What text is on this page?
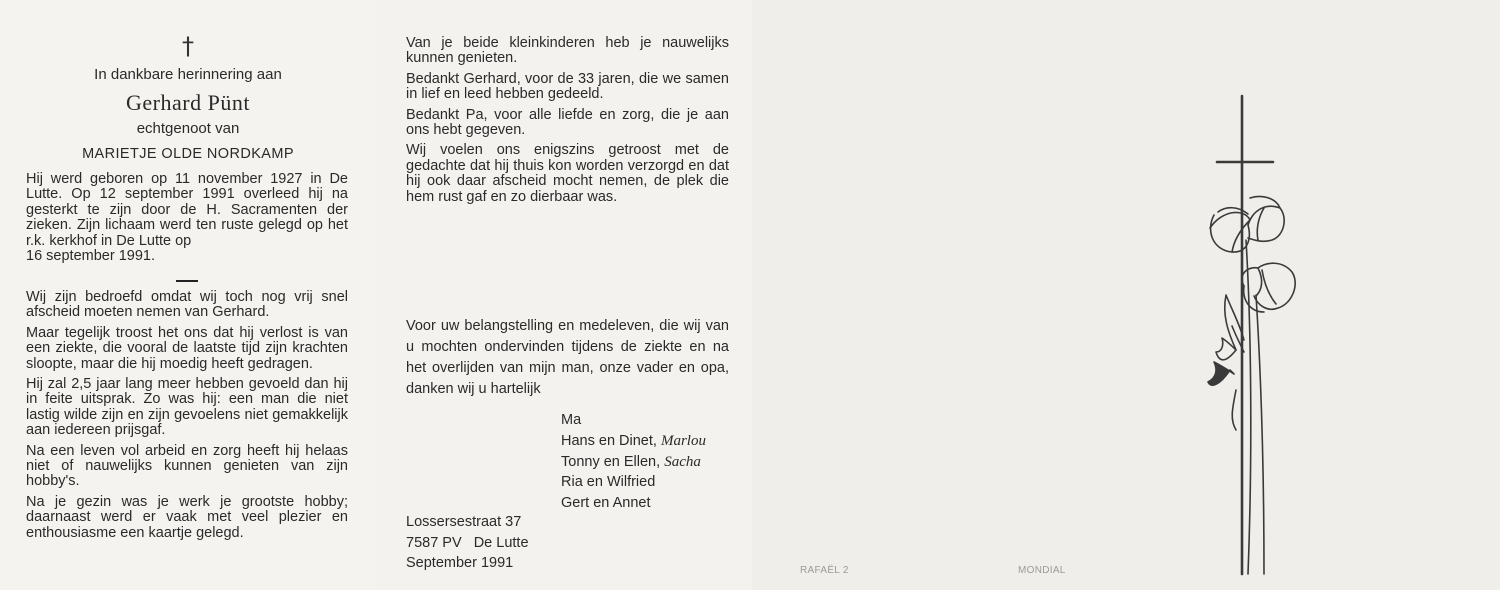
†
In dankbare herinnering aan
Gerhard Pünt
echtgenoot van
MARIETJE OLDE NORDKAMP

Hij werd geboren op 11 november 1927 in De Lutte. Op 12 september 1991 overleed hij na gesterkt te zijn door de H. Sacramenten der zieken. Zijn lichaam werd ten ruste gelegd op het r.k. kerkhof in De Lutte op
16 september 1991.

Wij zijn bedroefd omdat wij toch nog vrij snel afscheid moeten nemen van Gerhard.

Maar tegelijk troost het ons dat hij verlost is van een ziekte, die vooral de laatste tijd zijn krachten sloopte, maar die hij moedig heeft gedragen.

Hij zal 2,5 jaar lang meer hebben gevoeld dan hij in feite uitsprak. Zo was hij: een man die niet lastig wilde zijn en zijn gevoelens niet gemakkelijk aan iedereen prijsgaf.

Na een leven vol arbeid en zorg heeft hij helaas niet of nauwelijks kunnen genieten van zijn hobby's.

Na je gezin was je werk je grootste hobby; daarnaast werd er vaak met veel plezier en enthousiasme een kaartje gelegd.

Van je beide kleinkinderen heb je nauwelijks kunnen genieten.

Bedankt Gerhard, voor de 33 jaren, die we samen in lief en leed hebben gedeeld.

Bedankt Pa, voor alle liefde en zorg, die je aan ons hebt gegeven.

Wij voelen ons enigszins getroost met de gedachte dat hij thuis kon worden verzorgd en dat hij ook daar afscheid mocht nemen, de plek die hem rust gaf en zo dierbaar was.

Voor uw belangstelling en medeleven, die wij van u mochten ondervinden tijdens de ziekte en na het overlijden van mijn man, onze vader en opa, danken wij u hartelijk

Ma
Hans en Dinet, Marlou
Tonny en Ellen, Sacha
Ria en Wilfried
Gert en Annet
Lossersestraat 37
7587 PV   De Lutte
September 1991	RAFAËL 2	MONDIAL
